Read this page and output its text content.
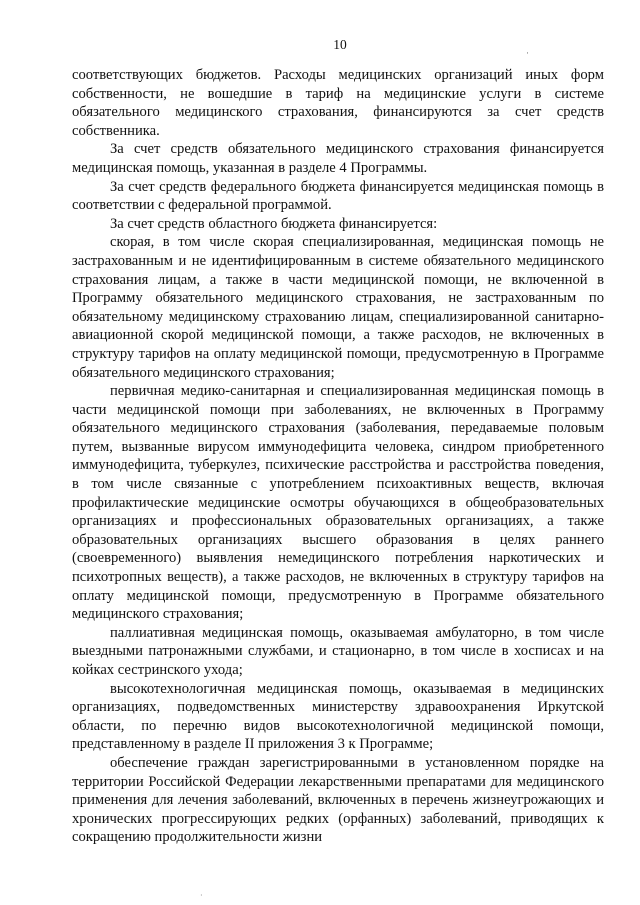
10
·

соответствующих бюджетов. Расходы медицинских организаций иных форм собственности, не вошедшие в тариф на медицинские услуги в системе обязательного медицинского страхования, финансируются за счет средств собственника.

За счет средств обязательного медицинского страхования финансируется медицинская помощь, указанная в разделе 4 Программы.

За счет средств федерального бюджета финансируется медицинская помощь в соответствии с федеральной программой.

За счет средств областного бюджета финансируется:

скорая, в том числе скорая специализированная, медицинская помощь не застрахованным и не идентифицированным в системе обязательного медицинского страхования лицам, а также в части медицинской помощи, не включенной в Программу обязательного медицинского страхования, не застрахованным по обязательному медицинскому страхованию лицам, специализированной санитарно-авиационной скорой медицинской помощи, а также расходов, не включенных в структуру тарифов на оплату медицинской помощи, предусмотренную в Программе обязательного медицинского страхования;

первичная медико-санитарная и специализированная медицинская помощь в части медицинской помощи при заболеваниях, не включенных в Программу обязательного медицинского страхования (заболевания, передаваемые половым путем, вызванные вирусом иммунодефицита человека, синдром приобретенного иммунодефицита, туберкулез, психические расстройства и расстройства поведения, в том числе связанные с употреблением психоактивных веществ, включая профилактические медицинские осмотры обучающихся в общеобразовательных организациях и профессиональных образовательных организациях, а также образовательных организациях высшего образования в целях раннего (своевременного) выявления немедицинского потребления наркотических и психотропных веществ), а также расходов, не включенных в структуру тарифов на оплату медицинской помощи, предусмотренную в Программе обязательного медицинского страхования;

паллиативная медицинская помощь, оказываемая амбулаторно, в том числе выездными патронажными службами, и стационарно, в том числе в хосписах и на койках сестринского ухода;

высокотехнологичная медицинская помощь, оказываемая в медицинских организациях, подведомственных министерству здравоохранения Иркутской области, по перечню видов высокотехнологичной медицинской помощи, представленному в разделе II приложения 3 к Программе;

обеспечение граждан зарегистрированными в установленном порядке на территории Российской Федерации лекарственными препаратами для медицинского применения для лечения заболеваний, включенных в перечень жизнеугрожающих и хронических прогрессирующих редких (орфанных) заболеваний, приводящих к сокращению продолжительности жизни

·
